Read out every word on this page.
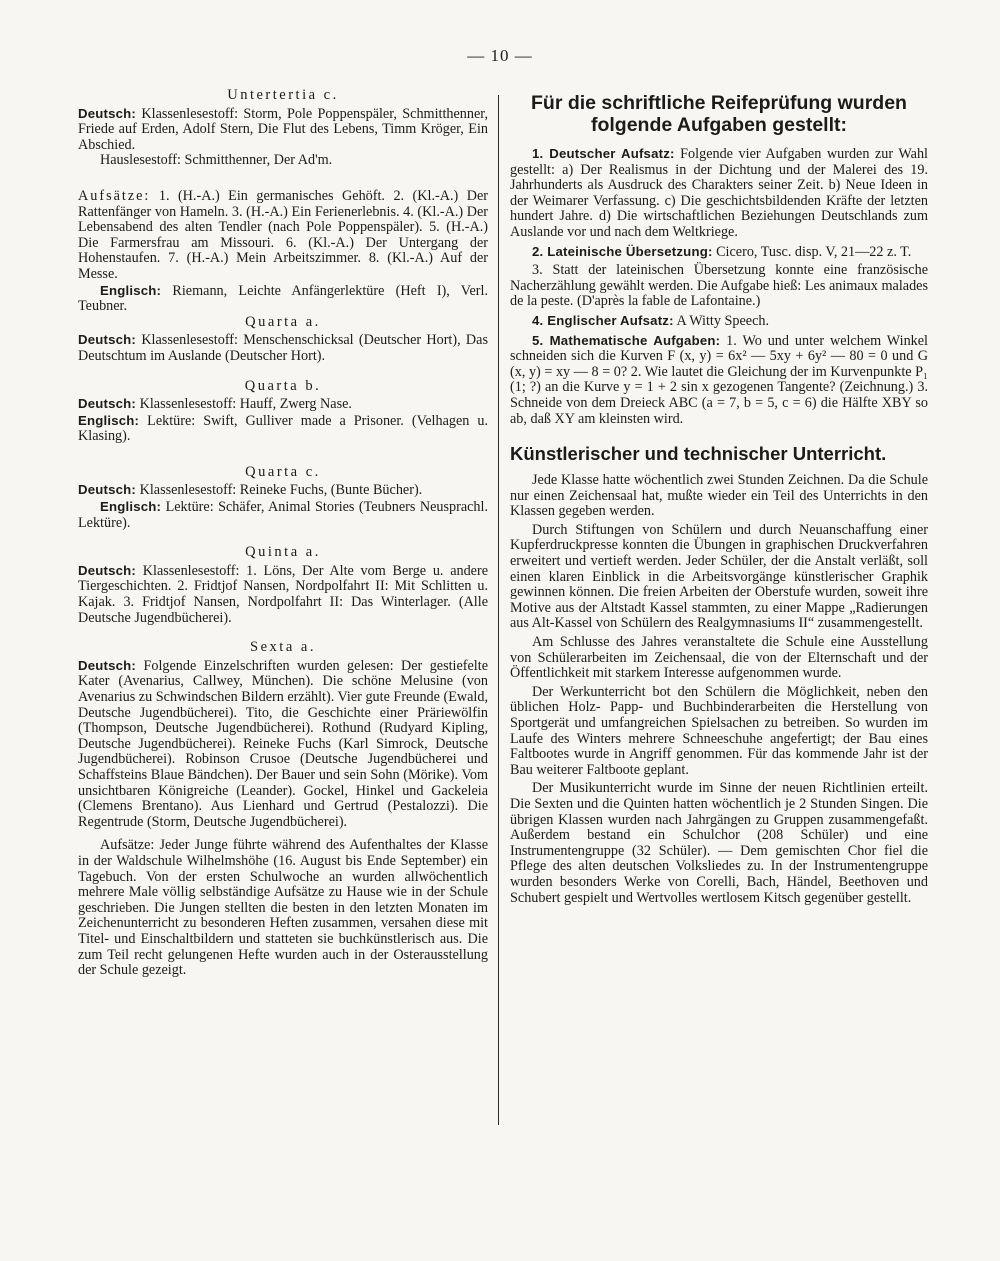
— 10 —
Untertertia c.

Deutsch: Klassenlesestoff: Storm, Pole Poppenspäler, Schmitthenner, Friede auf Erden, Adolf Stern, Die Flut des Lebens, Timm Kröger, Ein Abschied.

Hauslesestoff: Schmitthenner, Der Ad'm.

Aufsätze: 1. (H.-A.) Ein germanisches Gehöft. 2. (Kl.-A.) Der Rattenfänger von Hameln. 3. (H.-A.) Ein Ferienerlebnis. 4. (Kl.-A.) Der Lebensabend des alten Tendler (nach Pole Poppenspäler). 5. (H.-A.) Die Farmersfrau am Missouri. 6. (Kl.-A.) Der Untergang der Hohenstaufen. 7. (H.-A.) Mein Arbeitszimmer. 8. (Kl.-A.) Auf der Messe.

Englisch: Riemann, Leichte Anfängerlektüre (Heft I), Verl. Teubner.

Quarta a.

Deutsch: Klassenlesestoff: Menschenschicksal (Deutscher Hort), Das Deutschtum im Auslande (Deutscher Hort).

Quarta b.

Deutsch: Klassenlesestoff: Hauff, Zwerg Nase.

Englisch: Lektüre: Swift, Gulliver made a Prisoner. (Velhagen u. Klasing).

Quarta c.

Deutsch: Klassenlesestoff: Reineke Fuchs, (Bunte Bücher).

Englisch: Lektüre: Schäfer, Animal Stories (Teubners Neusprachl. Lektüre).

Quinta a.

Deutsch: Klassenlesestoff: 1. Löns, Der Alte vom Berge u. andere Tiergeschichten. 2. Fridtjof Nansen, Nordpolfahrt II: Mit Schlitten u. Kajak. 3. Fridtjof Nansen, Nordpolfahrt II: Das Winterlager. (Alle Deutsche Jugendbücherei).

Sexta a.

Deutsch: Folgende Einzelschriften wurden gelesen: Der gestiefelte Kater (Avenarius, Callwey, München). Die schöne Melusine (von Avenarius zu Schwindschen Bildern erzählt). Vier gute Freunde (Ewald, Deutsche Jugendbücherei). Tito, die Geschichte einer Präriewölfin (Thompson, Deutsche Jugendbücherei). Rothund (Rudyard Kipling, Deutsche Jugendbücherei). Reineke Fuchs (Karl Simrock, Deutsche Jugendbücherei). Robinson Crusoe (Deutsche Jugendbücherei und Schaffsteins Blaue Bändchen). Der Bauer und sein Sohn (Mörike). Vom unsichtbaren Königreiche (Leander). Gockel, Hinkel und Gackeleia (Clemens Brentano). Aus Lienhard und Gertrud (Pestalozzi). Die Regentrude (Storm, Deutsche Jugendbücherei).

Aufsätze: Jeder Junge führte während des Aufenthaltes der Klasse in der Waldschule Wilhelmshöhe (16. August bis Ende September) ein Tagebuch. Von der ersten Schulwoche an wurden allwöchentlich mehrere Male völlig selbständige Aufsätze zu Hause wie in der Schule geschrieben. Die Jungen stellten die besten in den letzten Monaten im Zeichenunterricht zu besonderen Heften zusammen, versahen diese mit Titel- und Einschaltbildern und statteten sie buchkünstlerisch aus. Die zum Teil recht gelungenen Hefte wurden auch in der Osterausstellung der Schule gezeigt.

Für die schriftliche Reifeprüfung wurden folgende Aufgaben gestellt:

1. Deutscher Aufsatz: Folgende vier Aufgaben wurden zur Wahl gestellt: a) Der Realismus in der Dichtung und der Malerei des 19. Jahrhunderts als Ausdruck des Charakters seiner Zeit. b) Neue Ideen in der Weimarer Verfassung. c) Die geschichtsbildenden Kräfte der letzten hundert Jahre. d) Die wirtschaftlichen Beziehungen Deutschlands zum Auslande vor und nach dem Weltkriege.

2. Lateinische Übersetzung: Cicero, Tusc. disp. V, 21—22 z. T.

3. Statt der lateinischen Übersetzung konnte eine französische Nacherzählung gewählt werden. Die Aufgabe hieß: Les animaux malades de la peste. (D'après la fable de Lafontaine.)

4. Englischer Aufsatz: A Witty Speech.

5. Mathematische Aufgaben: 1. Wo und unter welchem Winkel schneiden sich die Kurven F (x, y) = 6x² — 5xy + 6y² — 80 = 0 und G (x, y) = xy — 8 = 0? 2. Wie lautet die Gleichung der im Kurvenpunkte P₁ (1; ?) an die Kurve y = 1 + 2 sin x gezogenen Tangente? (Zeichnung.) 3. Schneide von dem Dreieck ABC (a = 7, b = 5, c = 6) die Hälfte XBY so ab, daß XY am kleinsten wird.

Künstlerischer und technischer Unterricht.

Jede Klasse hatte wöchentlich zwei Stunden Zeichnen. Da die Schule nur einen Zeichensaal hat, mußte wieder ein Teil des Unterrichts in den Klassen gegeben werden.

Durch Stiftungen von Schülern und durch Neuanschaffung einer Kupferdruckpresse konnten die Übungen in graphischen Druckverfahren erweitert und vertieft werden. Jeder Schüler, der die Anstalt verläßt, soll einen klaren Einblick in die Arbeitsvorgänge künstlerischer Graphik gewinnen können. Die freien Arbeiten der Oberstufe wurden, soweit ihre Motive aus der Altstadt Kassel stammten, zu einer Mappe „Radierungen aus Alt-Kassel von Schülern des Realgymnasiums II“ zusammengestellt.

Am Schlusse des Jahres veranstaltete die Schule eine Ausstellung von Schülerarbeiten im Zeichensaal, die von der Elternschaft und der Öffentlichkeit mit starkem Interesse aufgenommen wurde.

Der Werkunterricht bot den Schülern die Möglichkeit, neben den üblichen Holz- Papp- und Buchbinderarbeiten die Herstellung von Sportgerät und umfangreichen Spielsachen zu betreiben. So wurden im Laufe des Winters mehrere Schneeschuhe angefertigt; der Bau eines Faltbootes wurde in Angriff genommen. Für das kommende Jahr ist der Bau weiterer Faltboote geplant.

Der Musikunterricht wurde im Sinne der neuen Richtlinien erteilt. Die Sexten und die Quinten hatten wöchentlich je 2 Stunden Singen. Die übrigen Klassen wurden nach Jahrgängen zu Gruppen zusammengefaßt. Außerdem bestand ein Schulchor (208 Schüler) und eine Instrumentengruppe (32 Schüler). — Dem gemischten Chor fiel die Pflege des alten deutschen Volksliedes zu. In der Instrumentengruppe wurden besonders Werke von Corelli, Bach, Händel, Beethoven und Schubert gespielt und Wertvolles wertlosem Kitsch gegenüber gestellt.
